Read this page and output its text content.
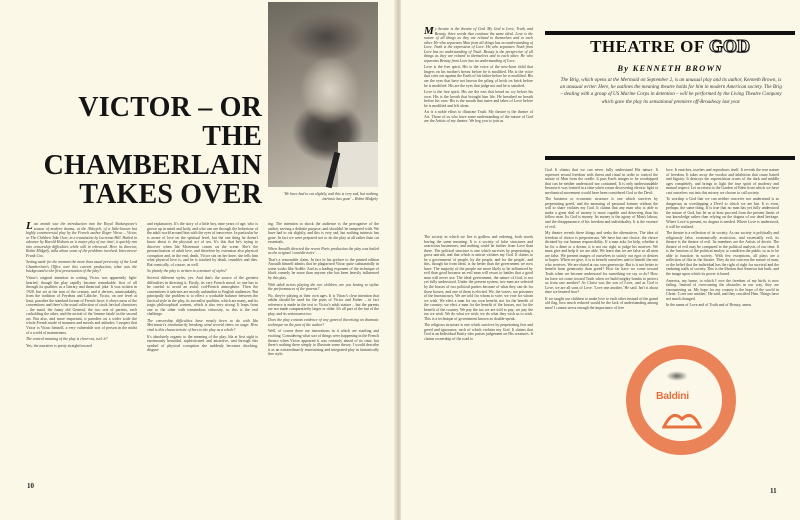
VICTOR – OR
THE CHAMBERLAIN
TAKES OVER	'We have had to cut slightly, and this is very sad, but nothing intrinsic has gone' – Robin Midgely

Last month saw the introduction into the Royal Shakespeare's season of modern drama, at the Aldwych, of a little-known but highly controversial play by the French author Roger Vitrac – Victor, or The Children Take Over, in a translation by Lucienne Hill. Hailed in advance by Harold Hobson as 'a major play of our time', it quickly ran into censorship difficulties while still in rehearsal. Here its director, Robin Midgely, talks about some of the problems involved. Interviewer Frank Cox.

Setting aside for the moment the more than usual perversity of the Lord Chamberlain's Office over this current production, what was the background to the first presentation of the play?

Vitrac's original intention in writing Victor was apparently light-hearted, though the play rapidly became remarkable, first of all through its qualities as a literary and theatrical joke. It was written in 1928, but set at the turn of the century, and it derives, unmistakably, from the tradition of Feydeau and Labiche. Victor, on one level at least, parodies the standard format of French farce; it obeys most of the conventions and there's the usual collection of stock farcical characters – the maid, the funny old General, the two sets of parents, each cuckolding the other, and the arrival of the 'femme fatale' in the second act. But also, and more important, it parodies on a wider scale the whole French mode of manners and morals and attitudes. I suspect that Victor is Vitrac himself, a very vulnerable sort of person in the midst of a world of mannerisms.

The central meaning of the play is clear-cut, isn't it?

Yes, the narrative is pretty straightforward

and explanatory. It's the story of a little boy, nine years of age, who is grown up in mind and body, and who can see through the behaviour of the adult world around him with the eyes of innocence. In particular he is aware of love on the spiritual level, but the one thing he doesn't know about is the physical act of sex. It's this that he's trying to discover when Ida Mortemart comes on the scene. She's the personification of adult love, and therefore by extension also physical corruption and, in the end, death. Victor sits on her knee, she tells him what physical love is, and he is touched by death, crumbles and dies. But comically, of course, as well.

So plainly the play is written in a mixture of styles?

Several different styles, yes. And that's the source of the greatest difficulties in directing it. Firstly, its very French mood, so one has to be careful to avoid an awful cod-French atmosphere. Then the conventions it satirises are mostly unfamiliar to English audiences. But principally the problem is to effect a workable balance between the farcical style in the play, its surrealist qualities, which are many, and its tragic philosophical content, which is also very strong. It leaps from one to the other with tremendous virtuosity, so this is the real challenge.

The censorship difficulties have mostly been to do with Ida Mortemart's involuntarily breaking wind several times on stage. How vital is this characteristic of hers to the play as a whole?

It's absolutely organic to the meaning of the play. Ida at first sight is enormously beautiful, sophisticated and attractive, and through this symbol of physical corruption she suddenly becomes shocking, disgust-

ing. The intention to shock the audience is the prerogative of the author, serving a definite purpose, and shouldn't be tampered with. We have had to cut slightly, and this is very sad, but nothing intrinsic has gone. In fact we were prepared not to do the play at all rather than cut essentials.

When Anouilh directed the recent Paris production the play was hailed as the original 'comédie noire' . . .

That's a reasonable claim. In fact in his preface to the printed edition Anouilh himself admits that he plagiarised Vitrac quite substantially in some works like Ardèle. And as a leading exponent of the technique of black comedy he more than anyone else has been heavily influenced by this play.

With adult actors playing the two children, are you having to stylise the performances of the parents?

No, they're playing at their own ages. It is Vitrac's clear intention that adults should be used for the parts of Victor and Esther – in fact reference is made in the text to Victor's adult stature – but the parents are not made comparatively larger or older. It's all part of the fun of the play, and its seriousness too.

Does the play contain evidence of any general theorising on dramatic technique on the part of the author?

Well, of course there are innovations in it which are startling and exciting. Considering what sort of things were happening in the French theatre when Victor appeared it was certainly ahead of its time, but there's nothing there simply to illustrate some theory. I would describe it as an extraordinarily entertaining and integrated play in fantastically fine style.

10

My theatre is the theatre of God. My God is Love, Truth, and Beauty, three words that continue the same ideal. Love is the nature of all things as they are related to themselves and to each other. He who separates Man from all things has no understanding of Love. Truth is the expression of Love. He who separates Truth from Love has no understanding of Truth. Beauty is the perspective of all things as they are related to themselves and to each other. He who separates Beauty from Love has no understanding of Love.

Love is the free spirit. His is the voice of the new-born child that lingers on his mother's breast before he is modified. His is the voice that cries out against the Earth of his father before he is modified. His are the eyes that have not known the piling of brick on brick before he is modified. His are the eyes that judge not and he is satisfied.

Love is the free spirit. His are the ears that heard no cry before his own. His is the breath that brought him life. He breathed no breath before his own. His is the mouth that tastes and takes of Love before he is modified and left alone.

Art is a noble effort to illustrate Truth. My theatre is the theatre of Art. Those of us who have some understanding of the nature of God are the Artists of my theatre. We beg you to join us.

THEATRE OF GOD
By KENNETH BROWN
The Brig, which opens at the Mermaid on September 2, is an unusual play and its author, Kenneth Brown, is an unusual writer. Here, he outlines the meaning theatre holds for him in modern American society. The Brig – dealing with a group of US Marine Corps in detention – will be performed by the Living Theatre Company which gave the play its sensational premiere off-Broadway last year.

The society in which we live is godless and ordering, both words having the same meaning. It is a society of false structures and avaricious businesses, and nothing could be further from Love than these. The political structure is one which survives by perpetrating a gross untruth, and that which is untrue violates my God. It claims to be a government 'of people, by the people, and for the people', and this, though far from ideal, is far better than the government we now have. The majority of the people are more likely to be influenced by evil than good because an evil man will resort to battles that a good man will never use. The ideal government, the nature of God, is not yet fully understood. Under the present system, two men are selected by the bosses of two political parties because of what they can do for those bosses, and one of them is elected. We, the voters, are prisoners of the bureaucracy. We are told for whom to vote; we vote for whom we wish. We elect a man for our own benefit, not for the benefit of the country; we elect a man for the benefit of the bosses, not for the benefit of the country. We pay the tax we are told to pay; we pay the tax we wish. We do what we wish; we do what they wish us to wish. This is a technique of government known as double-speak.

The religious structure is one which survives by perpetrating fear and greed and ignorance, each of which violates my God. It claims that God is an Individual Entity who passes judgement on His creatures. It claims ownership of the road to

God. It claims that we can never fully understand His nature. It represses sexual freedom with threat and ritual in order to control the nature of Man from the cradle. It puts Earth images to be worshipped that can be neither understood nor contained. It is only understandable because it was formed in a time when a man discovering electric light or mechanical movement would have been considered God or the Devil.

The business or economic structure is one which survives by perpetrating greed, and the amassing of personal fortune without the will to share violates my God. It claims that any man who is able to make a great deal of money is more capable and deserving than his fellow man. Its God is money. Its money is the agony of Man's labour, and the disappearance of his freedom and individuality. It is the essence of evil.

My theatre reveals these things and seeks the alternatives. The idea of freedom of choice is preposterous. We have but one choice, the choice dictated by our human responsibility. If a man asks for help, whether it be for a dime or a dream, it is not our right to judge his motives. We must give and help if we are able. We learn that we are false so all men are false. We present images of ourselves to satisfy our egos or desires or hopes. When we give, it is to benefit ourselves and to benefit the one who receives. We are elated at our own generosity. But is it not better to benefit from generosity than greed? How far have we come toward Truth when we become understood for something we say or do? How far have we come toward Truth when we build mighty bombs to protect us from one another? As Christ was the son of Love, and as God is Love, we are all sons of Love. 'Love one another,' He said. Isn't it about time we learned how?

If we taught our children to make love to each other instead of the grand old flag, how much reduced would be the lack of understanding among men! I cannot stress enough the importance of free

love. It enriches, teaches and reproduces itself. It reveals the true nature of freedom. It takes away the voodoo and inhibition that cause hatred and bigotry. It destroys the superstitious crusts of the dark and middle ages completely, and brings to light the true spirit of modesty and mutual respect. Let us return to the Garden of Eden from which we have cast ourselves out into this misery we choose to call society.

To worship a God that we can neither conceive nor understand is as dangerous as worshipping a Devil to which we are kin. It is even, perhaps, the same thing. It is true that no man has yet fully understood the nature of God, but let us at least proceed from the present limits of our knowledge rather than relying on the dogma of our dead heritage. Where Love is present, no dogma is needed. Where Love is understood, it will be realised.

The theatre is a reflection of its society. As our society is politically and religiously false, economically avaricious, and essentially evil, its theatre is the theatre of evil. Its members are the Artists of deceit. The theatre of evil may be compared to the political analysis of our time. It is the function of the political analyst to condition the public so as to be able to function in society. With few exceptions, all plays are a reflection of this in the theatre. They do not concern the nature of man, or the belief that the individual has the right of right for survival and the enduring walls of society. This is the illusion that America has built, and the image upon which its power is based.

America, my home, to which I owe the freedom of my birth, is now failing. Instead of overcoming the obstacles in our way, they are encountering us. My hope for my country is the hope of the world in Christ: 'Love one another,' He said, and they crucified Him. Things have not much changed.

In the name of Love and of Truth and of Beauty, amen.

11
Baldini
